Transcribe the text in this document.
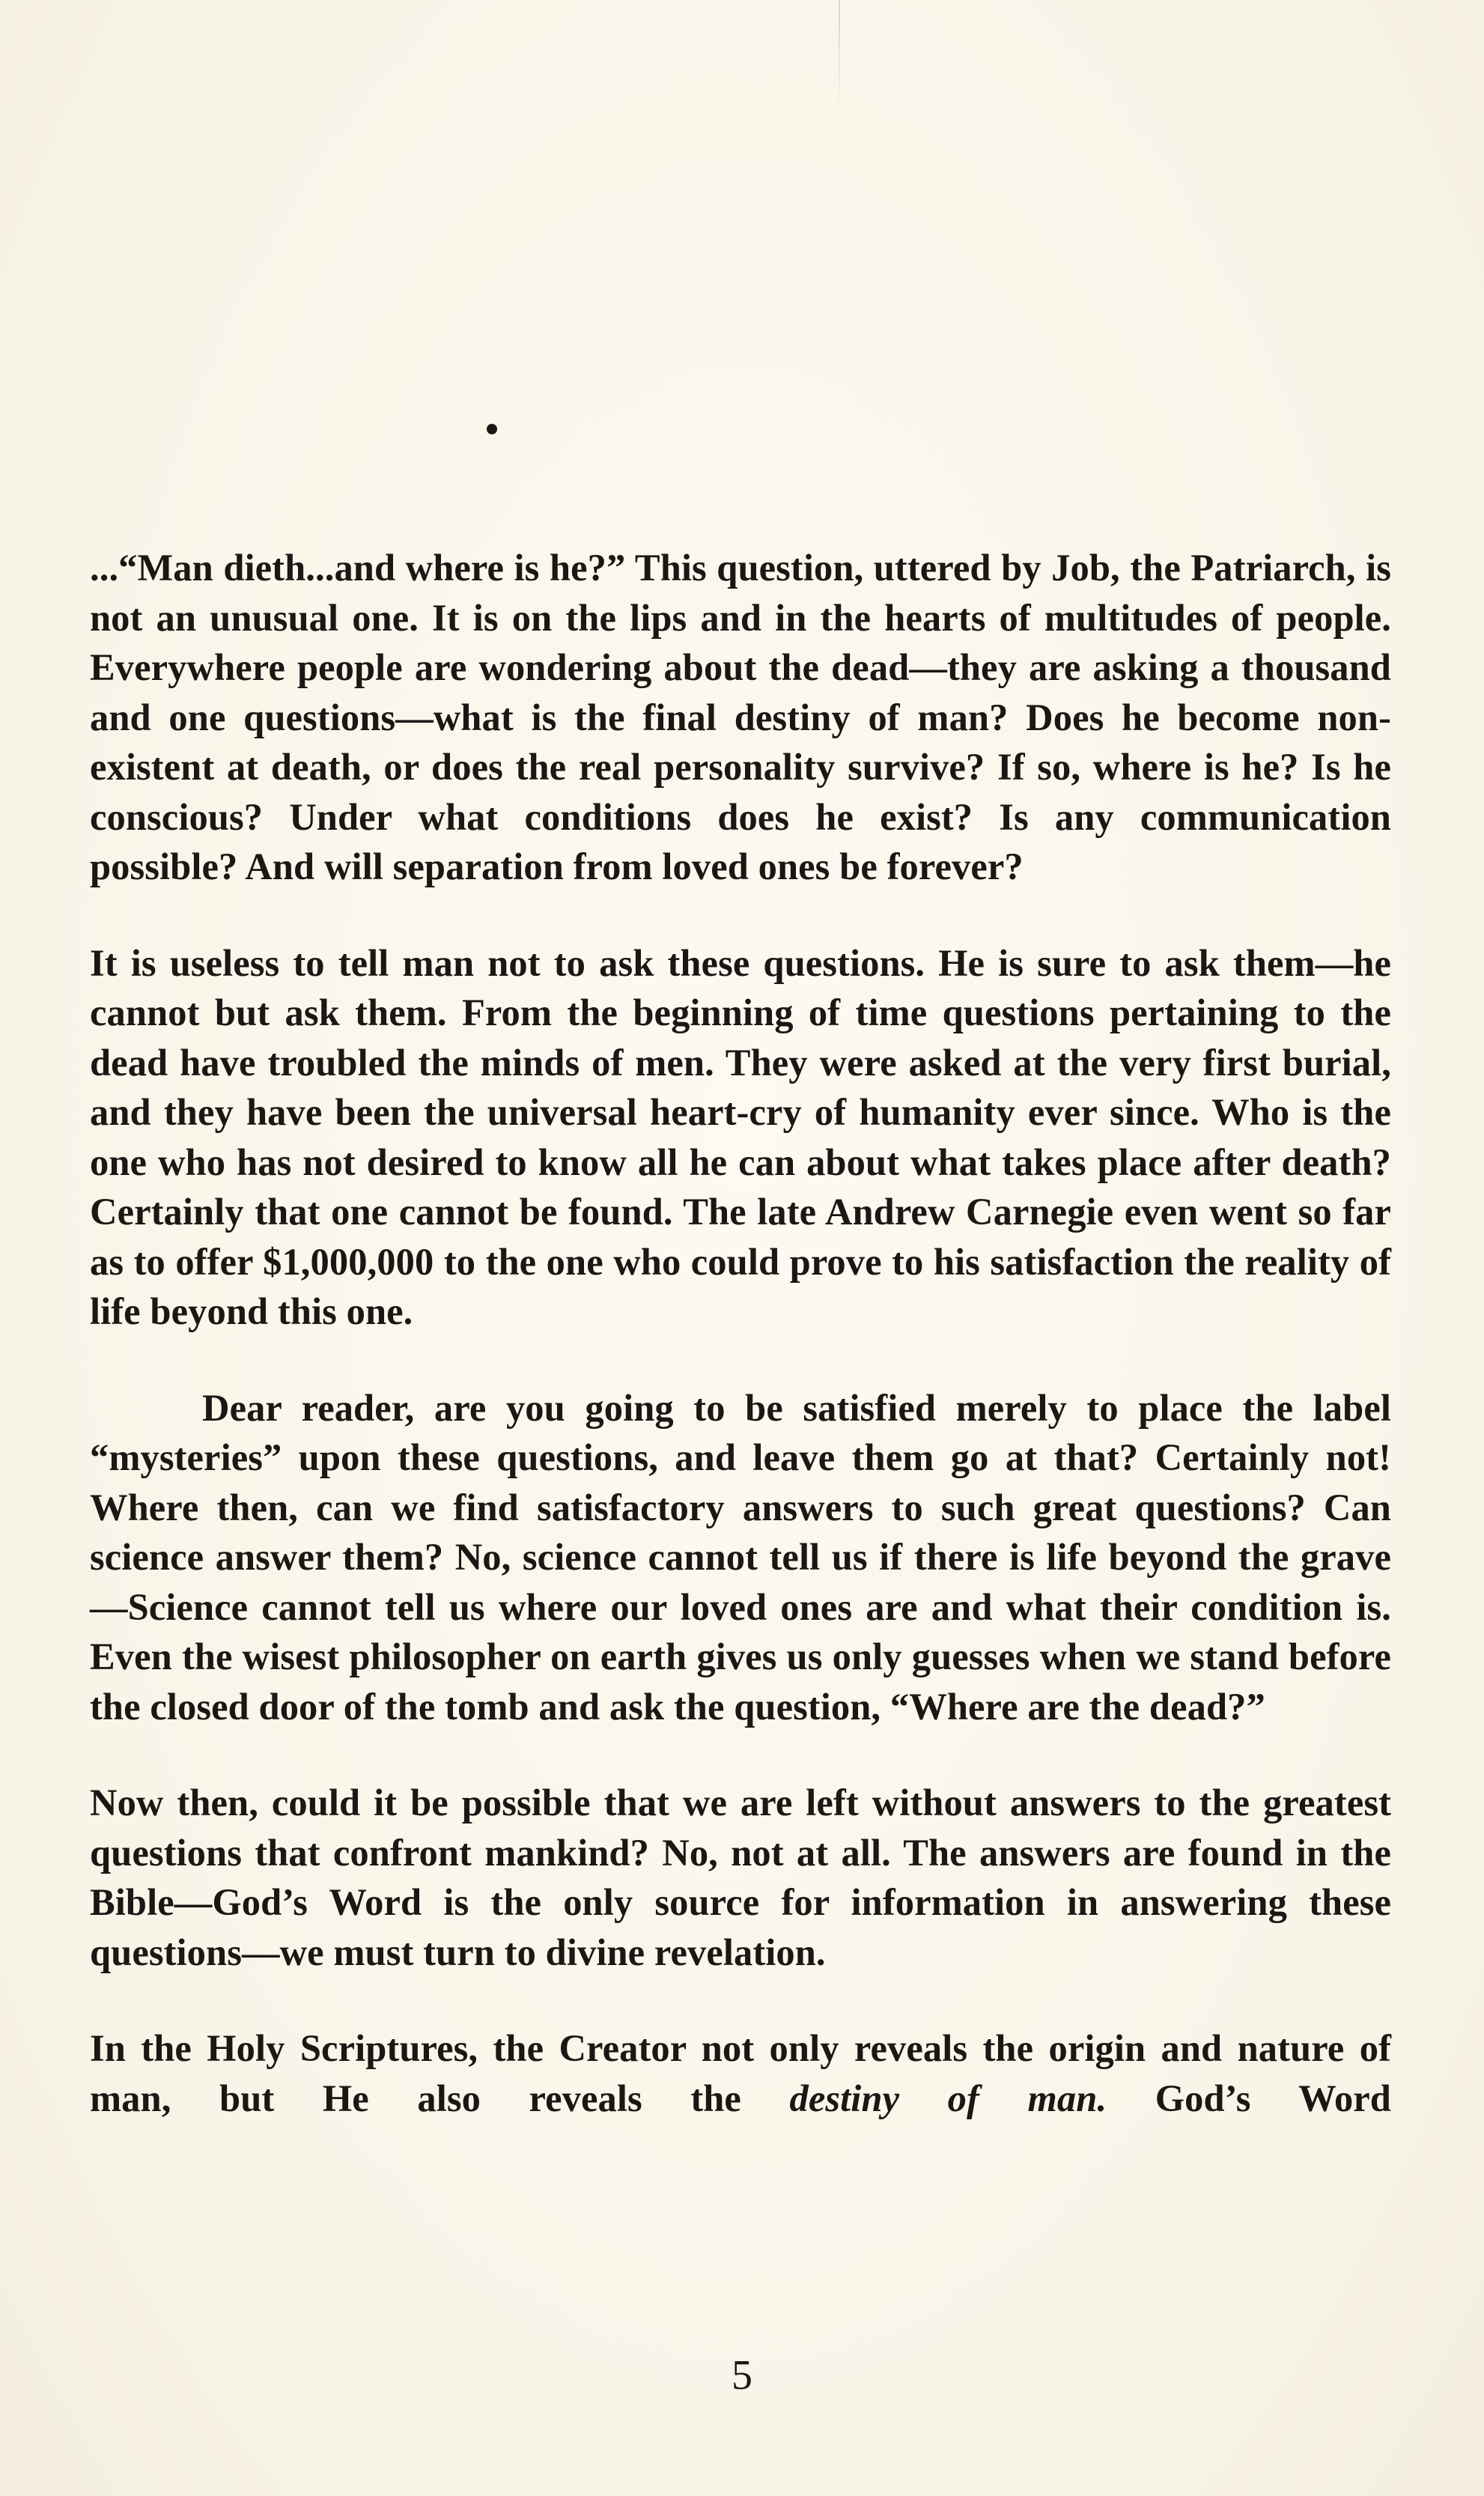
...“Man dieth...and where is he?” This question, uttered by Job, the Patriarch, is not an unusual one. It is on the lips and in the hearts of multitudes of people. Everywhere people are wondering about the dead—they are asking a thousand and one questions—what is the final destiny of man? Does he become non-existent at death, or does the real personality survive? If so, where is he? Is he conscious? Under what conditions does he exist? Is any communication possible? And will separation from loved ones be forever?

It is useless to tell man not to ask these questions. He is sure to ask them—he cannot but ask them. From the beginning of time questions pertaining to the dead have troubled the minds of men. They were asked at the very first burial, and they have been the universal heart-cry of humanity ever since. Who is the one who has not desired to know all he can about what takes place after death? Certainly that one cannot be found. The late Andrew Carnegie even went so far as to offer $1,000,000 to the one who could prove to his satisfaction the reality of life beyond this one.

Dear reader, are you going to be satisfied merely to place the label “mysteries” upon these questions, and leave them go at that? Certainly not! Where then, can we find satisfactory answers to such great questions? Can science answer them? No, science cannot tell us if there is life beyond the grave—Science cannot tell us where our loved ones are and what their condition is. Even the wisest philosopher on earth gives us only guesses when we stand before the closed door of the tomb and ask the question, “Where are the dead?”

Now then, could it be possible that we are left without answers to the greatest questions that confront mankind? No, not at all. The answers are found in the Bible—God’s Word is the only source for information in answering these questions—we must turn to divine revelation.

In the Holy Scriptures, the Creator not only reveals the origin and nature of man, but He also reveals the destiny of man. God’s Word

5
